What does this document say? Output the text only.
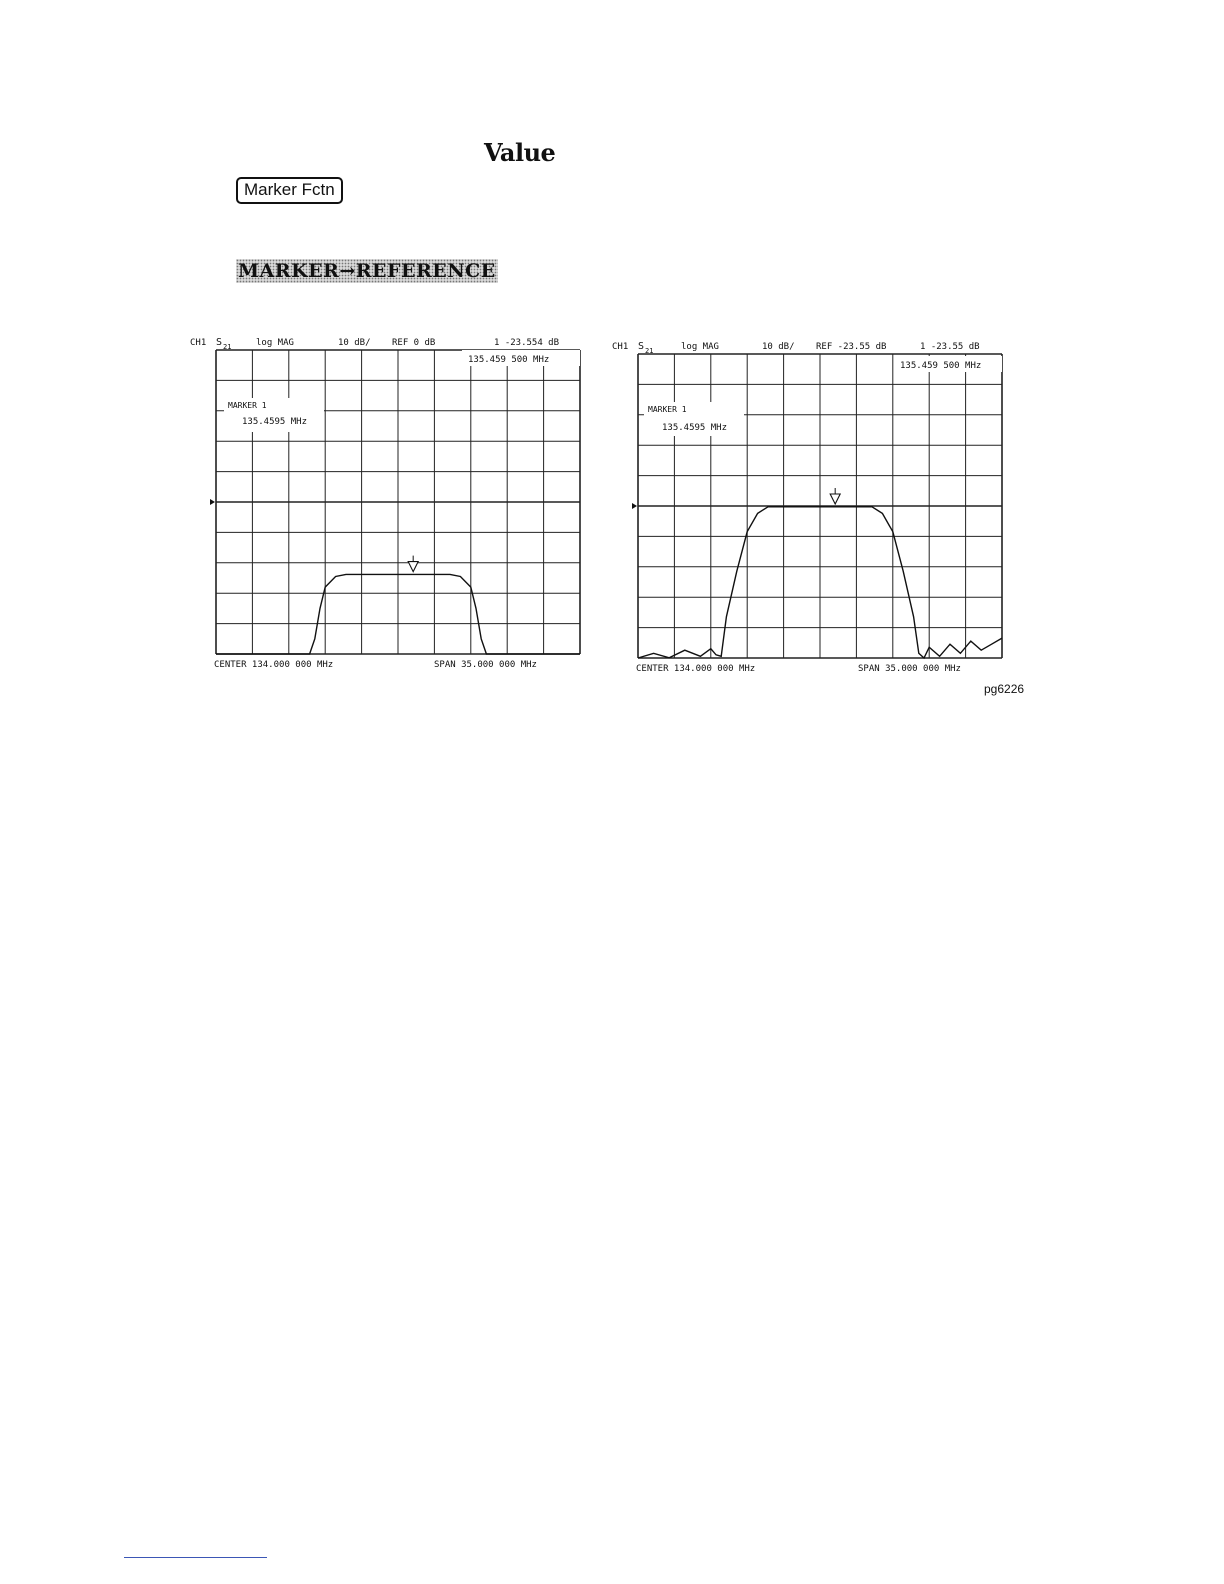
Value
Marker Fctn
MARKER→REFERENCE
CH1 S 21	log MAG	10 dB/ REF 0 dB	1 -23.554 dB
135.459 500 MHz
MARKER 1
135.4595 MHz
CENTER 134.000 000 MHz	SPAN 35.000 000 MHz
CH1 S 21	log MAG	10 dB/ REF -23.55 dB	1 -23.55 dB
135.459 500 MHz
MARKER 1
135.4595 MHz
CENTER 134.000 000 MHz	SPAN 35.000 000 MHz
pg6226
